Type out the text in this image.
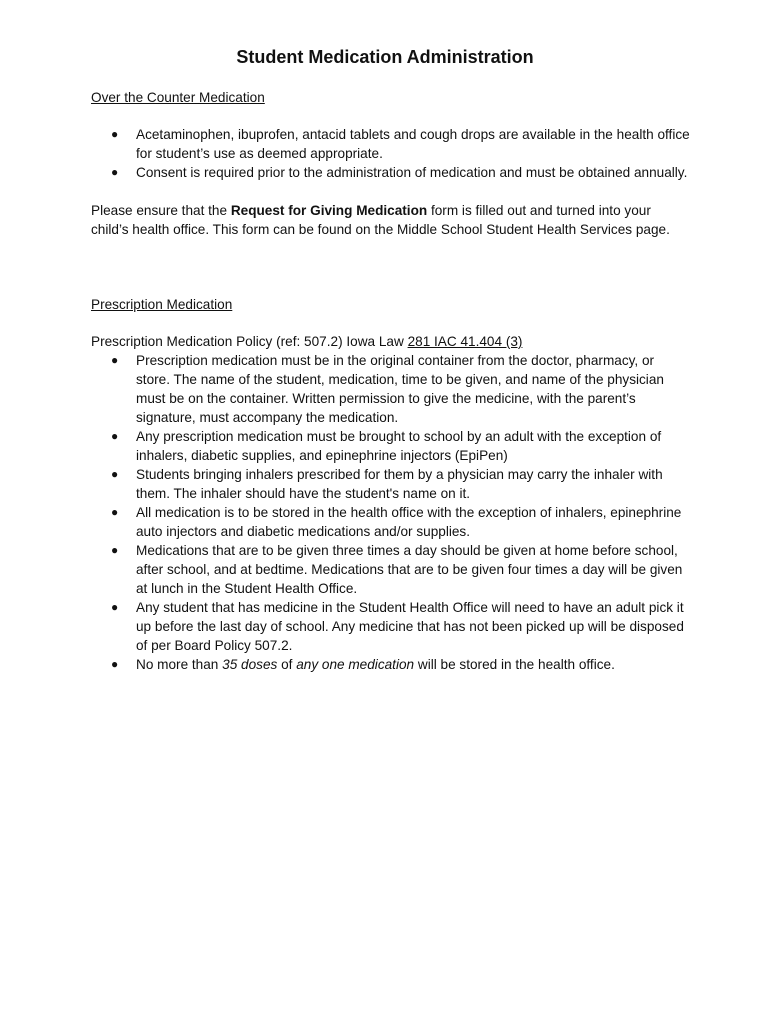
Student Medication Administration
Over the Counter Medication
● Acetaminophen, ibuprofen, antacid tablets and cough drops are available in the health office for student’s use as deemed appropriate.
● Consent is required prior to the administration of medication and must be obtained annually.

Please ensure that the Request for Giving Medication form is filled out and turned into your child’s health office. This form can be found on the Middle School Student Health Services page.

Prescription Medication

Prescription Medication Policy (ref: 507.2) Iowa Law 281 IAC 41.404 (3)

● Prescription medication must be in the original container from the doctor, pharmacy, or store. The name of the student, medication, time to be given, and name of the physician must be on the container. Written permission to give the medicine, with the parent’s signature, must accompany the medication.
● Any prescription medication must be brought to school by an adult with the exception of inhalers, diabetic supplies, and epinephrine injectors (EpiPen)
● Students bringing inhalers prescribed for them by a physician may carry the inhaler with them. The inhaler should have the student's name on it.
● All medication is to be stored in the health office with the exception of inhalers, epinephrine auto injectors and diabetic medications and/or supplies.
● Medications that are to be given three times a day should be given at home before school, after school, and at bedtime. Medications that are to be given four times a day will be given at lunch in the Student Health Office.
● Any student that has medicine in the Student Health Office will need to have an adult pick it up before the last day of school. Any medicine that has not been picked up will be disposed of per Board Policy 507.2.
● No more than 35 doses of any one medication will be stored in the health office.
